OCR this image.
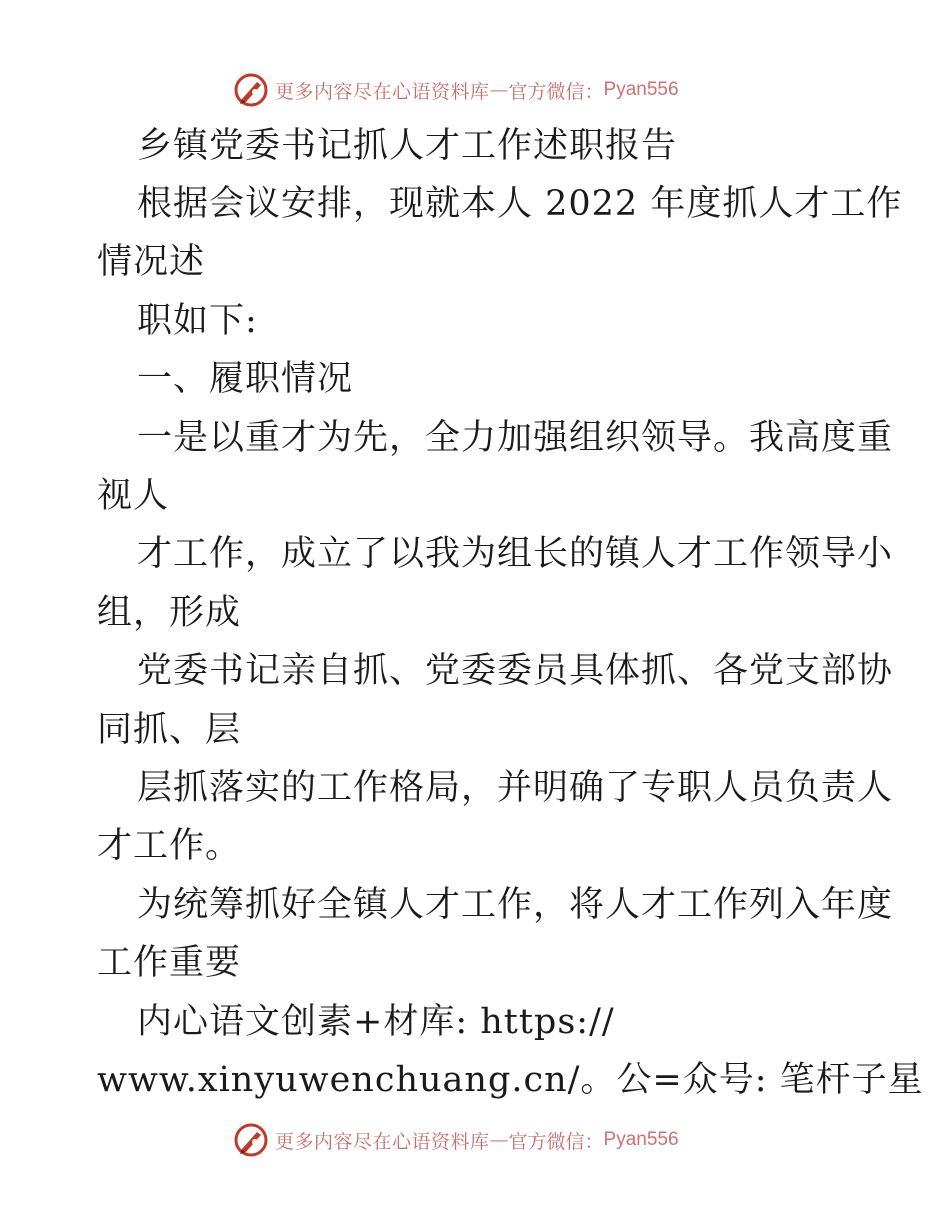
更多内容尽在心语资料库 — 官方微信： Pyan556
乡镇党委书记抓人才工作述职报告
根据会议安排，现就本人 2022 年度抓人才工作
情况述
职如下:
一、履职情况
一是以重才为先，全力加强组织领导。我高度重
视人
才工作，成立了以我为组长的镇人才工作领导小
组，形成
党委书记亲自抓、党委委员具体抓、各党支部协
同抓、层
层抓落实的工作格局，并明确了专职人员负责人
才工作。
为统筹抓好全镇人才工作，将人才工作列入年度
工作重要
内心语文创素+材库: https://
www.xinyuwenchuang.cn/。公=众号: 笔杆子星
更多内容尽在心语资料库 — 官方微信： Pyan556
